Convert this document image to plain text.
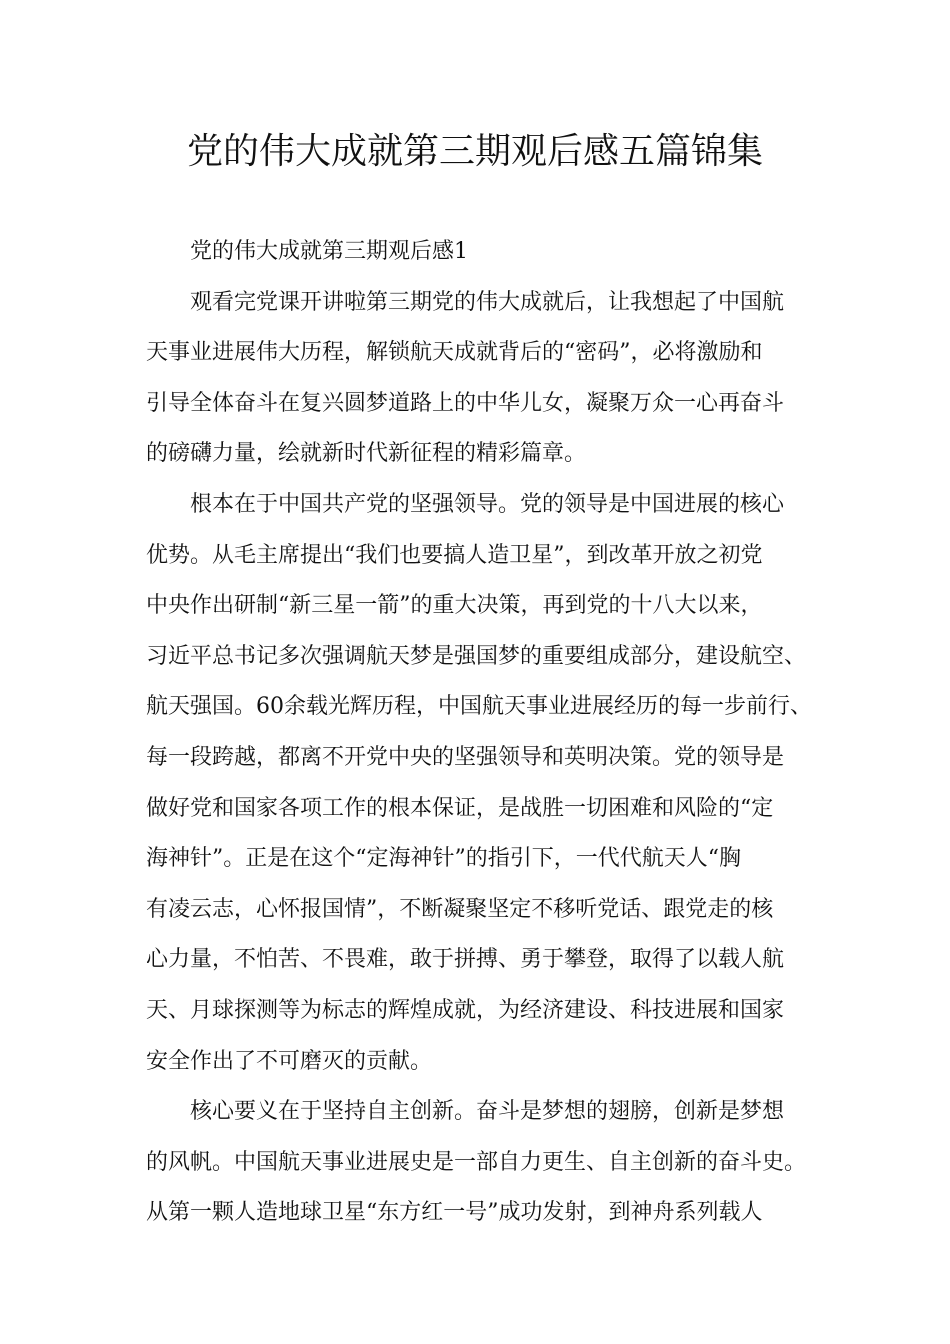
党的伟大成就第三期观后感五篇锦集
党的伟大成就第三期观后感1
观看完党课开讲啦第三期党的伟大成就后，让我想起了中国航
天事业进展伟大历程，解锁航天成就背后的“密码”，必将激励和
引导全体奋斗在复兴圆梦道路上的中华儿女，凝聚万众一心再奋斗
的磅礴力量，绘就新时代新征程的精彩篇章。
根本在于中国共产党的坚强领导。党的领导是中国进展的核心
优势。从毛主席提出“我们也要搞人造卫星”，到改革开放之初党
中央作出研制“新三星一箭”的重大决策，再到党的十八大以来，
习近平总书记多次强调航天梦是强国梦的重要组成部分，建设航空、
航天强国。60余载光辉历程，中国航天事业进展经历的每一步前行、
每一段跨越，都离不开党中央的坚强领导和英明决策。党的领导是
做好党和国家各项工作的根本保证，是战胜一切困难和风险的“定
海神针”。正是在这个“定海神针”的指引下，一代代航天人“胸
有凌云志，心怀报国情”，不断凝聚坚定不移听党话、跟党走的核
心力量，不怕苦、不畏难，敢于拼搏、勇于攀登，取得了以载人航
天、月球探测等为标志的辉煌成就，为经济建设、科技进展和国家
安全作出了不可磨灭的贡献。
核心要义在于坚持自主创新。奋斗是梦想的翅膀，创新是梦想
的风帆。中国航天事业进展史是一部自力更生、自主创新的奋斗史。
从第一颗人造地球卫星“东方红一号”成功发射，到神舟系列载人
